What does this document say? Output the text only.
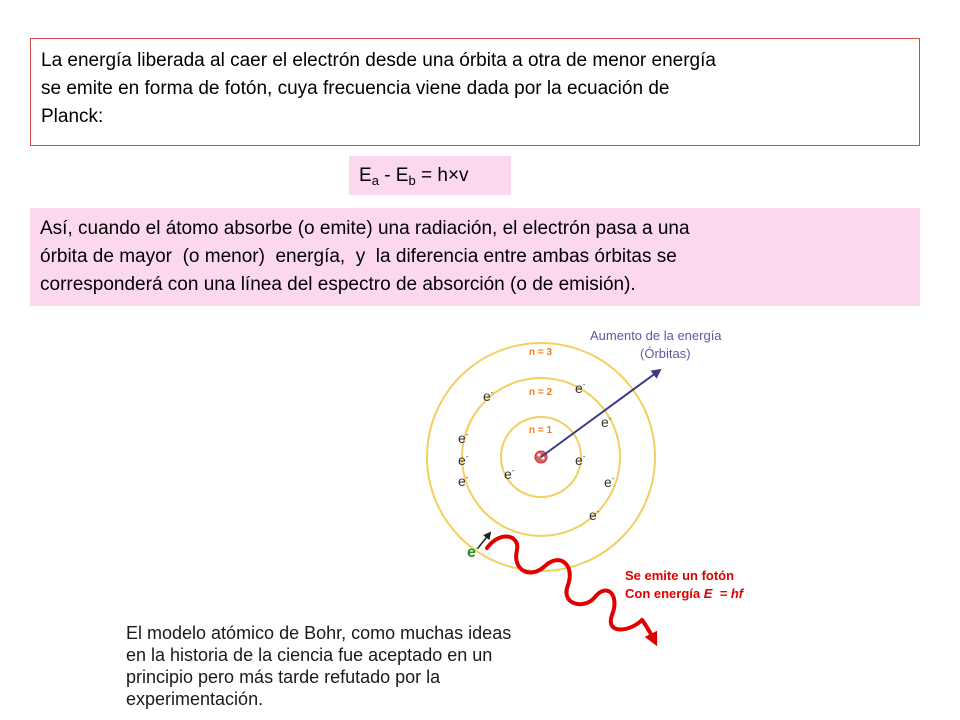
La energía liberada al caer el electrón desde una órbita a otra de menor energía
se emite en forma de fotón, cuya frecuencia viene dada por la ecuación de
Planck:
$E_a - E_b = h\times v$
Así, cuando el átomo absorbe (o emite) una radiación, el electrón pasa a una
órbita de mayor  (o menor)  energía,  y  la diferencia entre ambas órbitas se
corresponderá con una línea del espectro de absorción (o de emisión).
Aumento de la energía
(Órbitas)
n = 3
n = 2
n = 1
e-	e-
e-
e-
e-
e-
e-
e-	e-
e-
e-
Se emite un fotón
Con energía E  = hf
El modelo atómico de Bohr, como muchas ideas
en la historia de la ciencia fue aceptado en un
principio pero más tarde refutado por la
experimentación.
